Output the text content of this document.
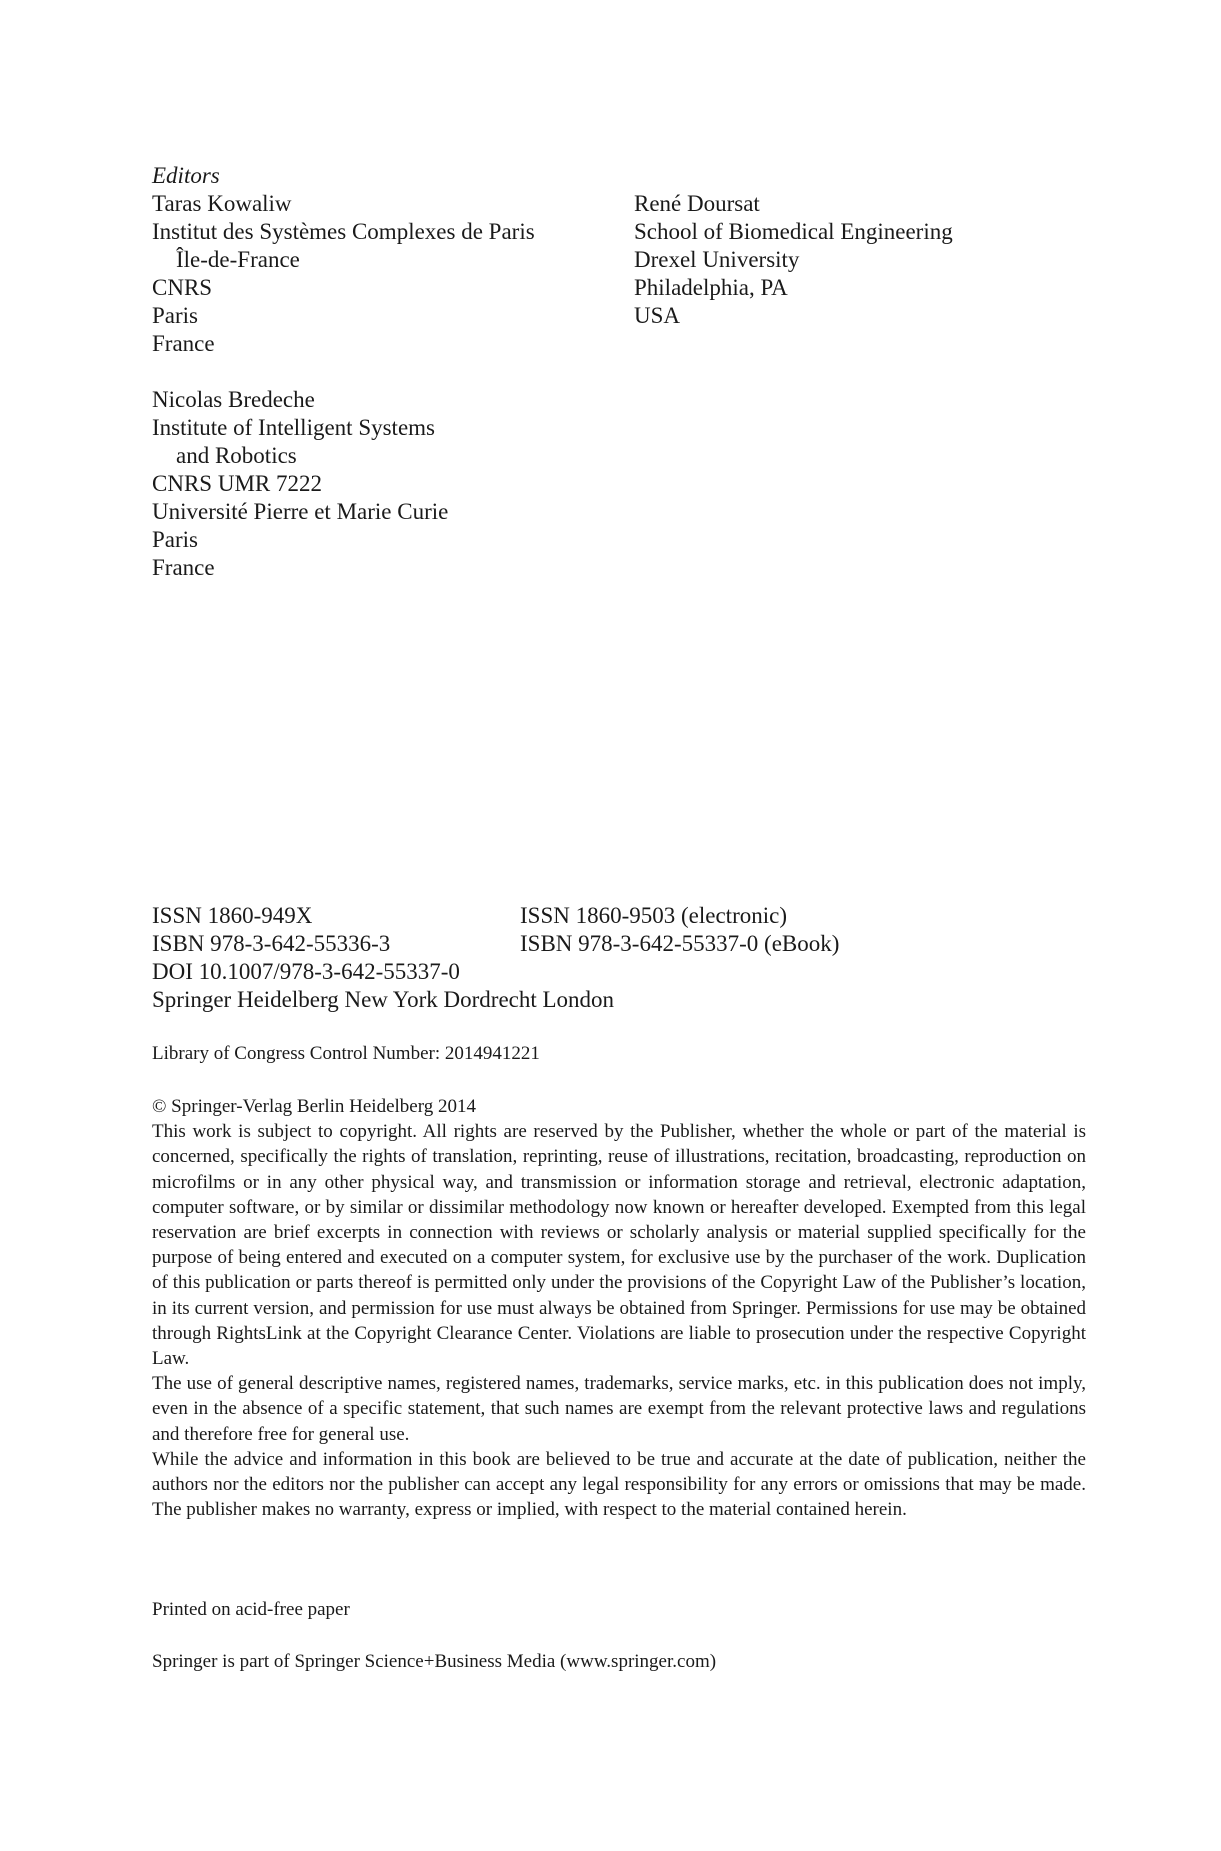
Editors
Taras Kowaliw
Institut des Systèmes Complexes de Paris
Île-de-France
CNRS
Paris
France
René Doursat
School of Biomedical Engineering
Drexel University
Philadelphia, PA
USA
Nicolas Bredeche
Institute of Intelligent Systems
and Robotics
CNRS UMR 7222
Université Pierre et Marie Curie
Paris
France
ISSN 1860-949X	ISSN 1860-9503 (electronic)
ISBN 978-3-642-55336-3	ISBN 978-3-642-55337-0 (eBook)
DOI 10.1007/978-3-642-55337-0
Springer Heidelberg New York Dordrecht London
Library of Congress Control Number: 2014941221

© Springer-Verlag Berlin Heidelberg 2014

This work is subject to copyright. All rights are reserved by the Publisher, whether the whole or part of the material is concerned, specifically the rights of translation, reprinting, reuse of illustrations, recitation, broadcasting, reproduction on microfilms or in any other physical way, and transmission or information storage and retrieval, electronic adaptation, computer software, or by similar or dissimilar methodology now known or hereafter developed. Exempted from this legal reservation are brief excerpts in connection with reviews or scholarly analysis or material supplied specifically for the purpose of being entered and executed on a computer system, for exclusive use by the purchaser of the work. Duplication of this publication or parts thereof is permitted only under the provisions of the Copyright Law of the Publisher’s location, in its current version, and permission for use must always be obtained from Springer. Permissions for use may be obtained through RightsLink at the Copyright Clearance Center. Violations are liable to prosecution under the respective Copyright Law.

The use of general descriptive names, registered names, trademarks, service marks, etc. in this publication does not imply, even in the absence of a specific statement, that such names are exempt from the relevant protective laws and regulations and therefore free for general use.

While the advice and information in this book are believed to be true and accurate at the date of publication, neither the authors nor the editors nor the publisher can accept any legal responsibility for any errors or omissions that may be made. The publisher makes no warranty, express or implied, with respect to the material contained herein.

Printed on acid-free paper
Springer is part of Springer Science+Business Media (www.springer.com)
